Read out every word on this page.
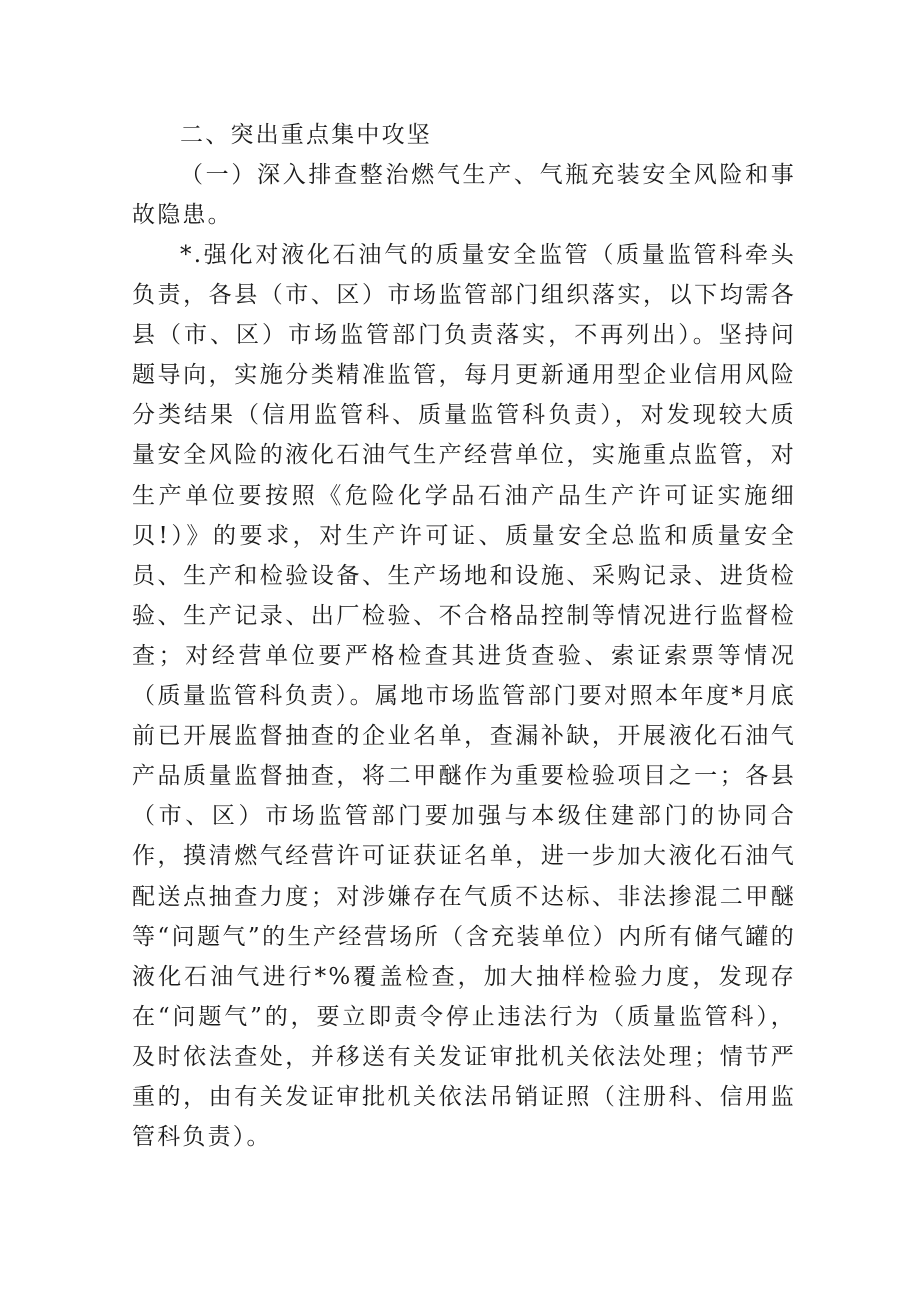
二、突出重点集中攻坚

（一）深入排查整治燃气生产、气瓶充装安全风险和事故隐患。

*.强化对液化石油气的质量安全监管（质量监管科牵头负责，各县（市、区）市场监管部门组织落实，以下均需各县（市、区）市场监管部门负责落实，不再列出）。坚持问题导向，实施分类精准监管，每月更新通用型企业信用风险分类结果（信用监管科、质量监管科负责），对发现较大质量安全风险的液化石油气生产经营单位，实施重点监管，对生产单位要按照《危险化学品石油产品生产许可证实施细贝!）》的要求，对生产许可证、质量安全总监和质量安全员、生产和检验设备、生产场地和设施、采购记录、进货检验、生产记录、出厂检验、不合格品控制等情况进行监督检查；对经营单位要严格检查其进货查验、索证索票等情况（质量监管科负责）。属地市场监管部门要对照本年度*月底前已开展监督抽查的企业名单，查漏补缺，开展液化石油气产品质量监督抽查，将二甲醚作为重要检验项目之一；各县（市、区）市场监管部门要加强与本级住建部门的协同合作，摸清燃气经营许可证获证名单，进一步加大液化石油气配送点抽查力度；对涉嫌存在气质不达标、非法掺混二甲醚等“问题气”的生产经营场所（含充装单位）内所有储气罐的液化石油气进行*%覆盖检查，加大抽样检验力度，发现存在“问题气”的，要立即责令停止违法行为（质量监管科），及时依法查处，并移送有关发证审批机关依法处理；情节严重的，由有关发证审批机关依法吊销证照（注册科、信用监管科负责）。
